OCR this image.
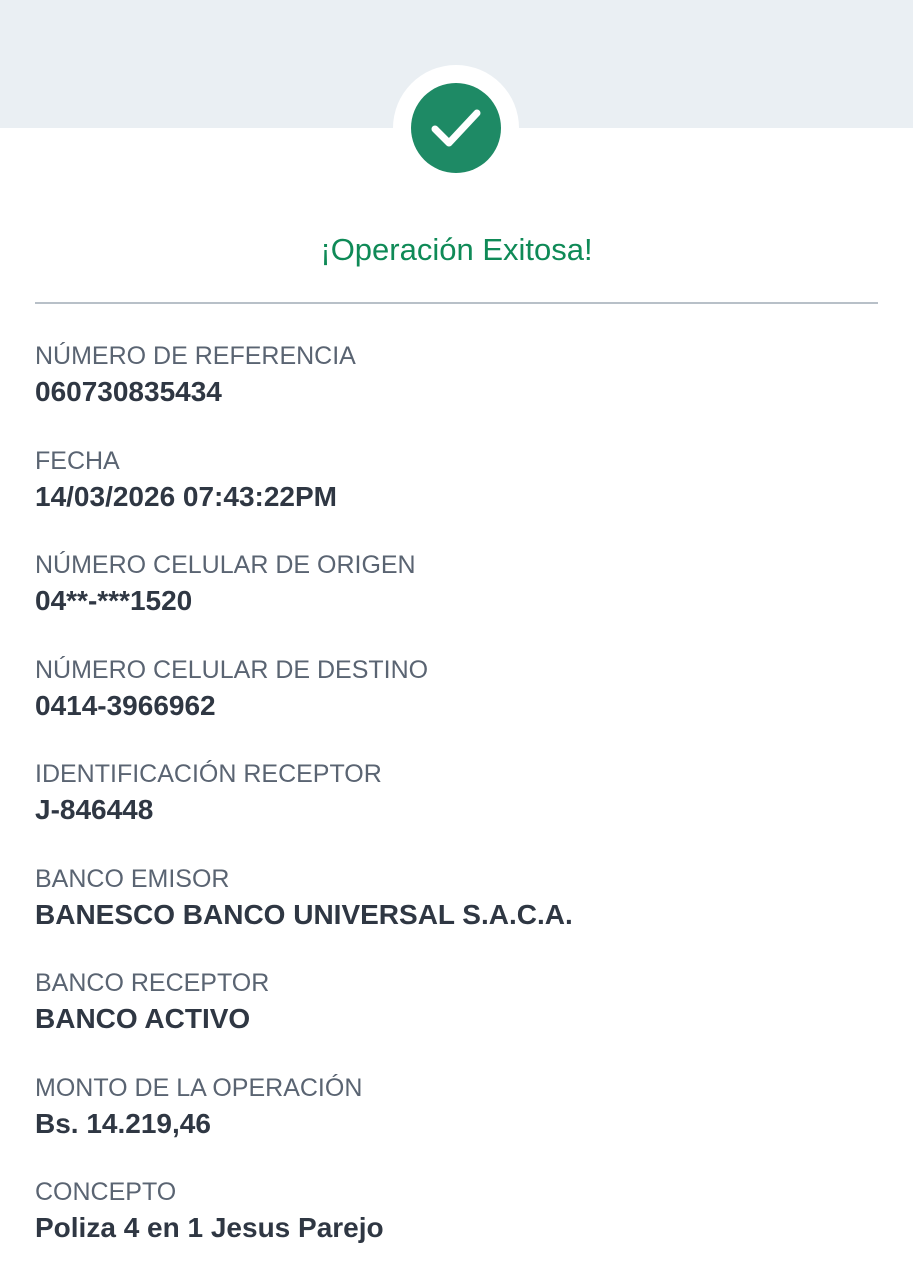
¡Operación Exitosa!
NÚMERO DE REFERENCIA
060730835434
FECHA
14/03/2026 07:43:22PM
NÚMERO CELULAR DE ORIGEN
04**-***1520
NÚMERO CELULAR DE DESTINO
0414-3966962
IDENTIFICACIÓN RECEPTOR
J-846448
BANCO EMISOR
BANESCO BANCO UNIVERSAL S.A.C.A.
BANCO RECEPTOR
BANCO ACTIVO
MONTO DE LA OPERACIÓN
Bs. 14.219,46
CONCEPTO
Poliza 4 en 1 Jesus Parejo
